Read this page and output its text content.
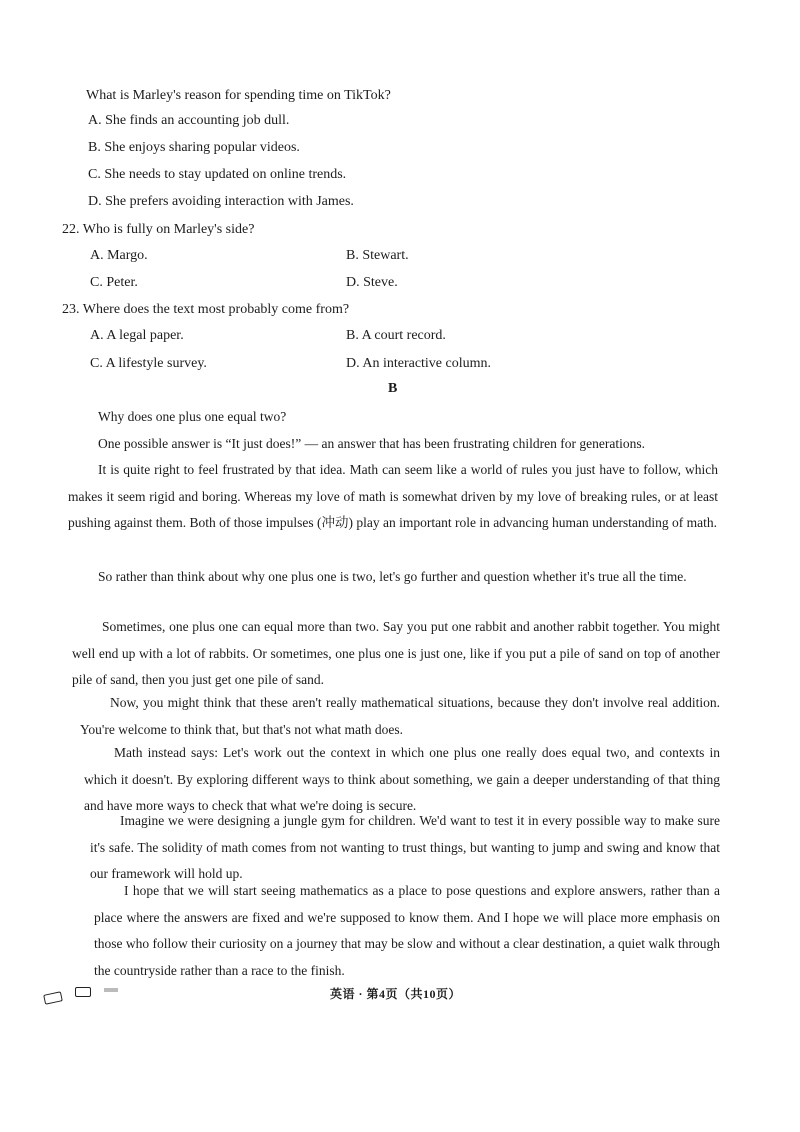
What is Marley's reason for spending time on TikTok?
A. She finds an accounting job dull.
B. She enjoys sharing popular videos.
C. She needs to stay updated on online trends.
D. She prefers avoiding interaction with James.
22. Who is fully on Marley's side?
A. Margo.	B. Stewart.
C. Peter.	D. Steve.
23. Where does the text most probably come from?
A. A legal paper.	B. A court record.
C. A lifestyle survey.	D. An interactive column.
B
Why does one plus one equal two?
One possible answer is “It just does!” — an answer that has been frustrating children for generations.
It is quite right to feel frustrated by that idea. Math can seem like a world of rules you just have to follow, which makes it seem rigid and boring. Whereas my love of math is somewhat driven by my love of breaking rules, or at least pushing against them. Both of those impulses (冲动) play an important role in advancing human understanding of math.
So rather than think about why one plus one is two, let's go further and question whether it's true all the time.
Sometimes, one plus one can equal more than two. Say you put one rabbit and another rabbit together. You might well end up with a lot of rabbits. Or sometimes, one plus one is just one, like if you put a pile of sand on top of another pile of sand, then you just get one pile of sand.
Now, you might think that these aren't really mathematical situations, because they don't involve real addition. You're welcome to think that, but that's not what math does.
Math instead says: Let's work out the context in which one plus one really does equal two, and contexts in which it doesn't. By exploring different ways to think about something, we gain a deeper understanding of that thing and have more ways to check that what we're doing is secure.
Imagine we were designing a jungle gym for children. We'd want to test it in every possible way to make sure it's safe. The solidity of math comes from not wanting to trust things, but wanting to jump and swing and know that our framework will hold up.
I hope that we will start seeing mathematics as a place to pose questions and explore answers, rather than a place where the answers are fixed and we're supposed to know them. And I hope we will place more emphasis on those who follow their curiosity on a journey that may be slow and without a clear destination, a quiet walk through the countryside rather than a race to the finish.
英语 · 第4页（共10页）
